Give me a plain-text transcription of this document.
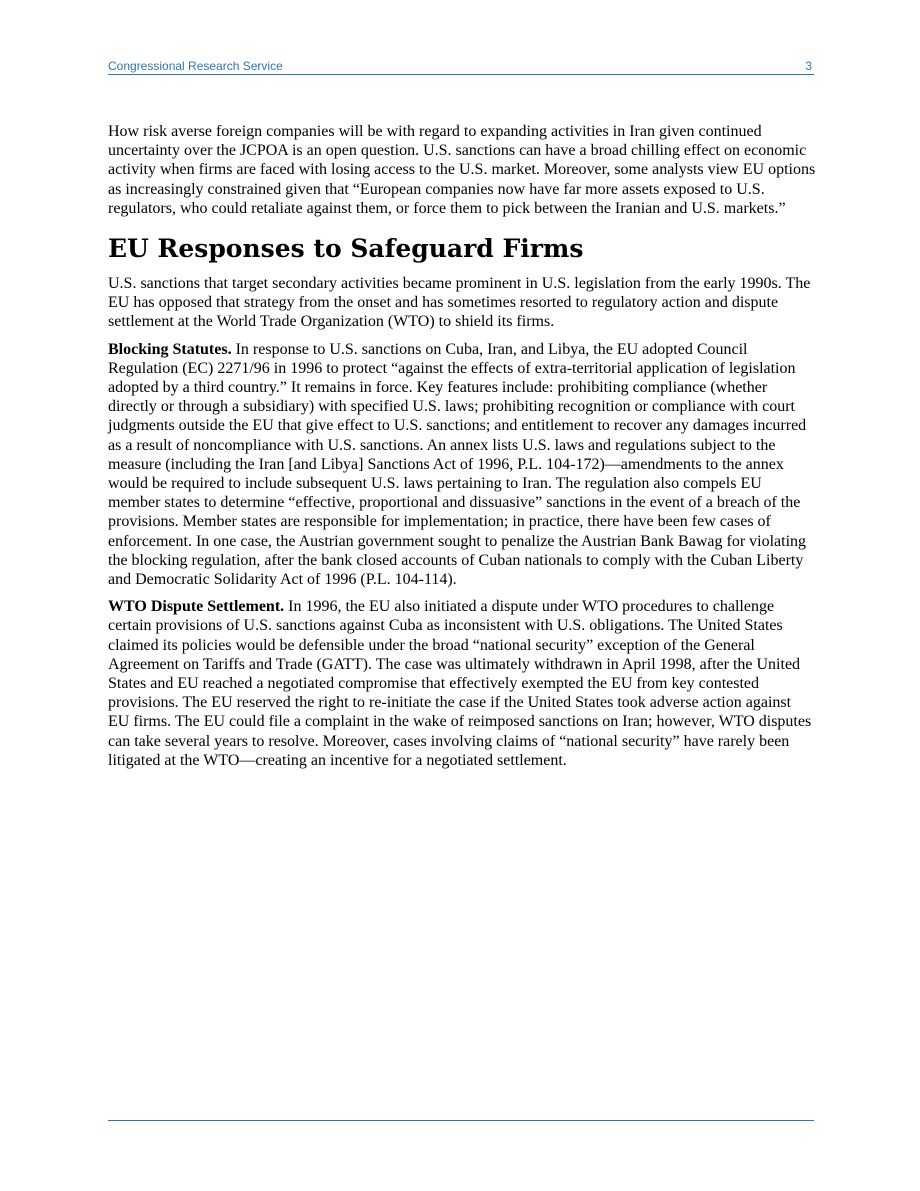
Congressional Research Service	3

How risk averse foreign companies will be with regard to expanding activities in Iran given continued uncertainty over the JCPOA is an open question. U.S. sanctions can have a broad chilling effect on economic activity when firms are faced with losing access to the U.S. market. Moreover, some analysts view EU options as increasingly constrained given that “European companies now have far more assets exposed to U.S. regulators, who could retaliate against them, or force them to pick between the Iranian and U.S. markets.”

EU Responses to Safeguard Firms

U.S. sanctions that target secondary activities became prominent in U.S. legislation from the early 1990s. The EU has opposed that strategy from the onset and has sometimes resorted to regulatory action and dispute settlement at the World Trade Organization (WTO) to shield its firms.

Blocking Statutes. In response to U.S. sanctions on Cuba, Iran, and Libya, the EU adopted Council Regulation (EC) 2271/96 in 1996 to protect “against the effects of extra-territorial application of legislation adopted by a third country.” It remains in force. Key features include: prohibiting compliance (whether directly or through a subsidiary) with specified U.S. laws; prohibiting recognition or compliance with court judgments outside the EU that give effect to U.S. sanctions; and entitlement to recover any damages incurred as a result of noncompliance with U.S. sanctions. An annex lists U.S. laws and regulations subject to the measure (including the Iran [and Libya] Sanctions Act of 1996, P.L. 104-172)—amendments to the annex would be required to include subsequent U.S. laws pertaining to Iran. The regulation also compels EU member states to determine “effective, proportional and dissuasive” sanctions in the event of a breach of the provisions. Member states are responsible for implementation; in practice, there have been few cases of enforcement. In one case, the Austrian government sought to penalize the Austrian Bank Bawag for violating the blocking regulation, after the bank closed accounts of Cuban nationals to comply with the Cuban Liberty and Democratic Solidarity Act of 1996 (P.L. 104-114).

WTO Dispute Settlement. In 1996, the EU also initiated a dispute under WTO procedures to challenge certain provisions of U.S. sanctions against Cuba as inconsistent with U.S. obligations. The United States claimed its policies would be defensible under the broad “national security” exception of the General Agreement on Tariffs and Trade (GATT). The case was ultimately withdrawn in April 1998, after the United States and EU reached a negotiated compromise that effectively exempted the EU from key contested provisions. The EU reserved the right to re-initiate the case if the United States took adverse action against EU firms. The EU could file a complaint in the wake of reimposed sanctions on Iran; however, WTO disputes can take several years to resolve. Moreover, cases involving claims of “national security” have rarely been litigated at the WTO—creating an incentive for a negotiated settlement.
